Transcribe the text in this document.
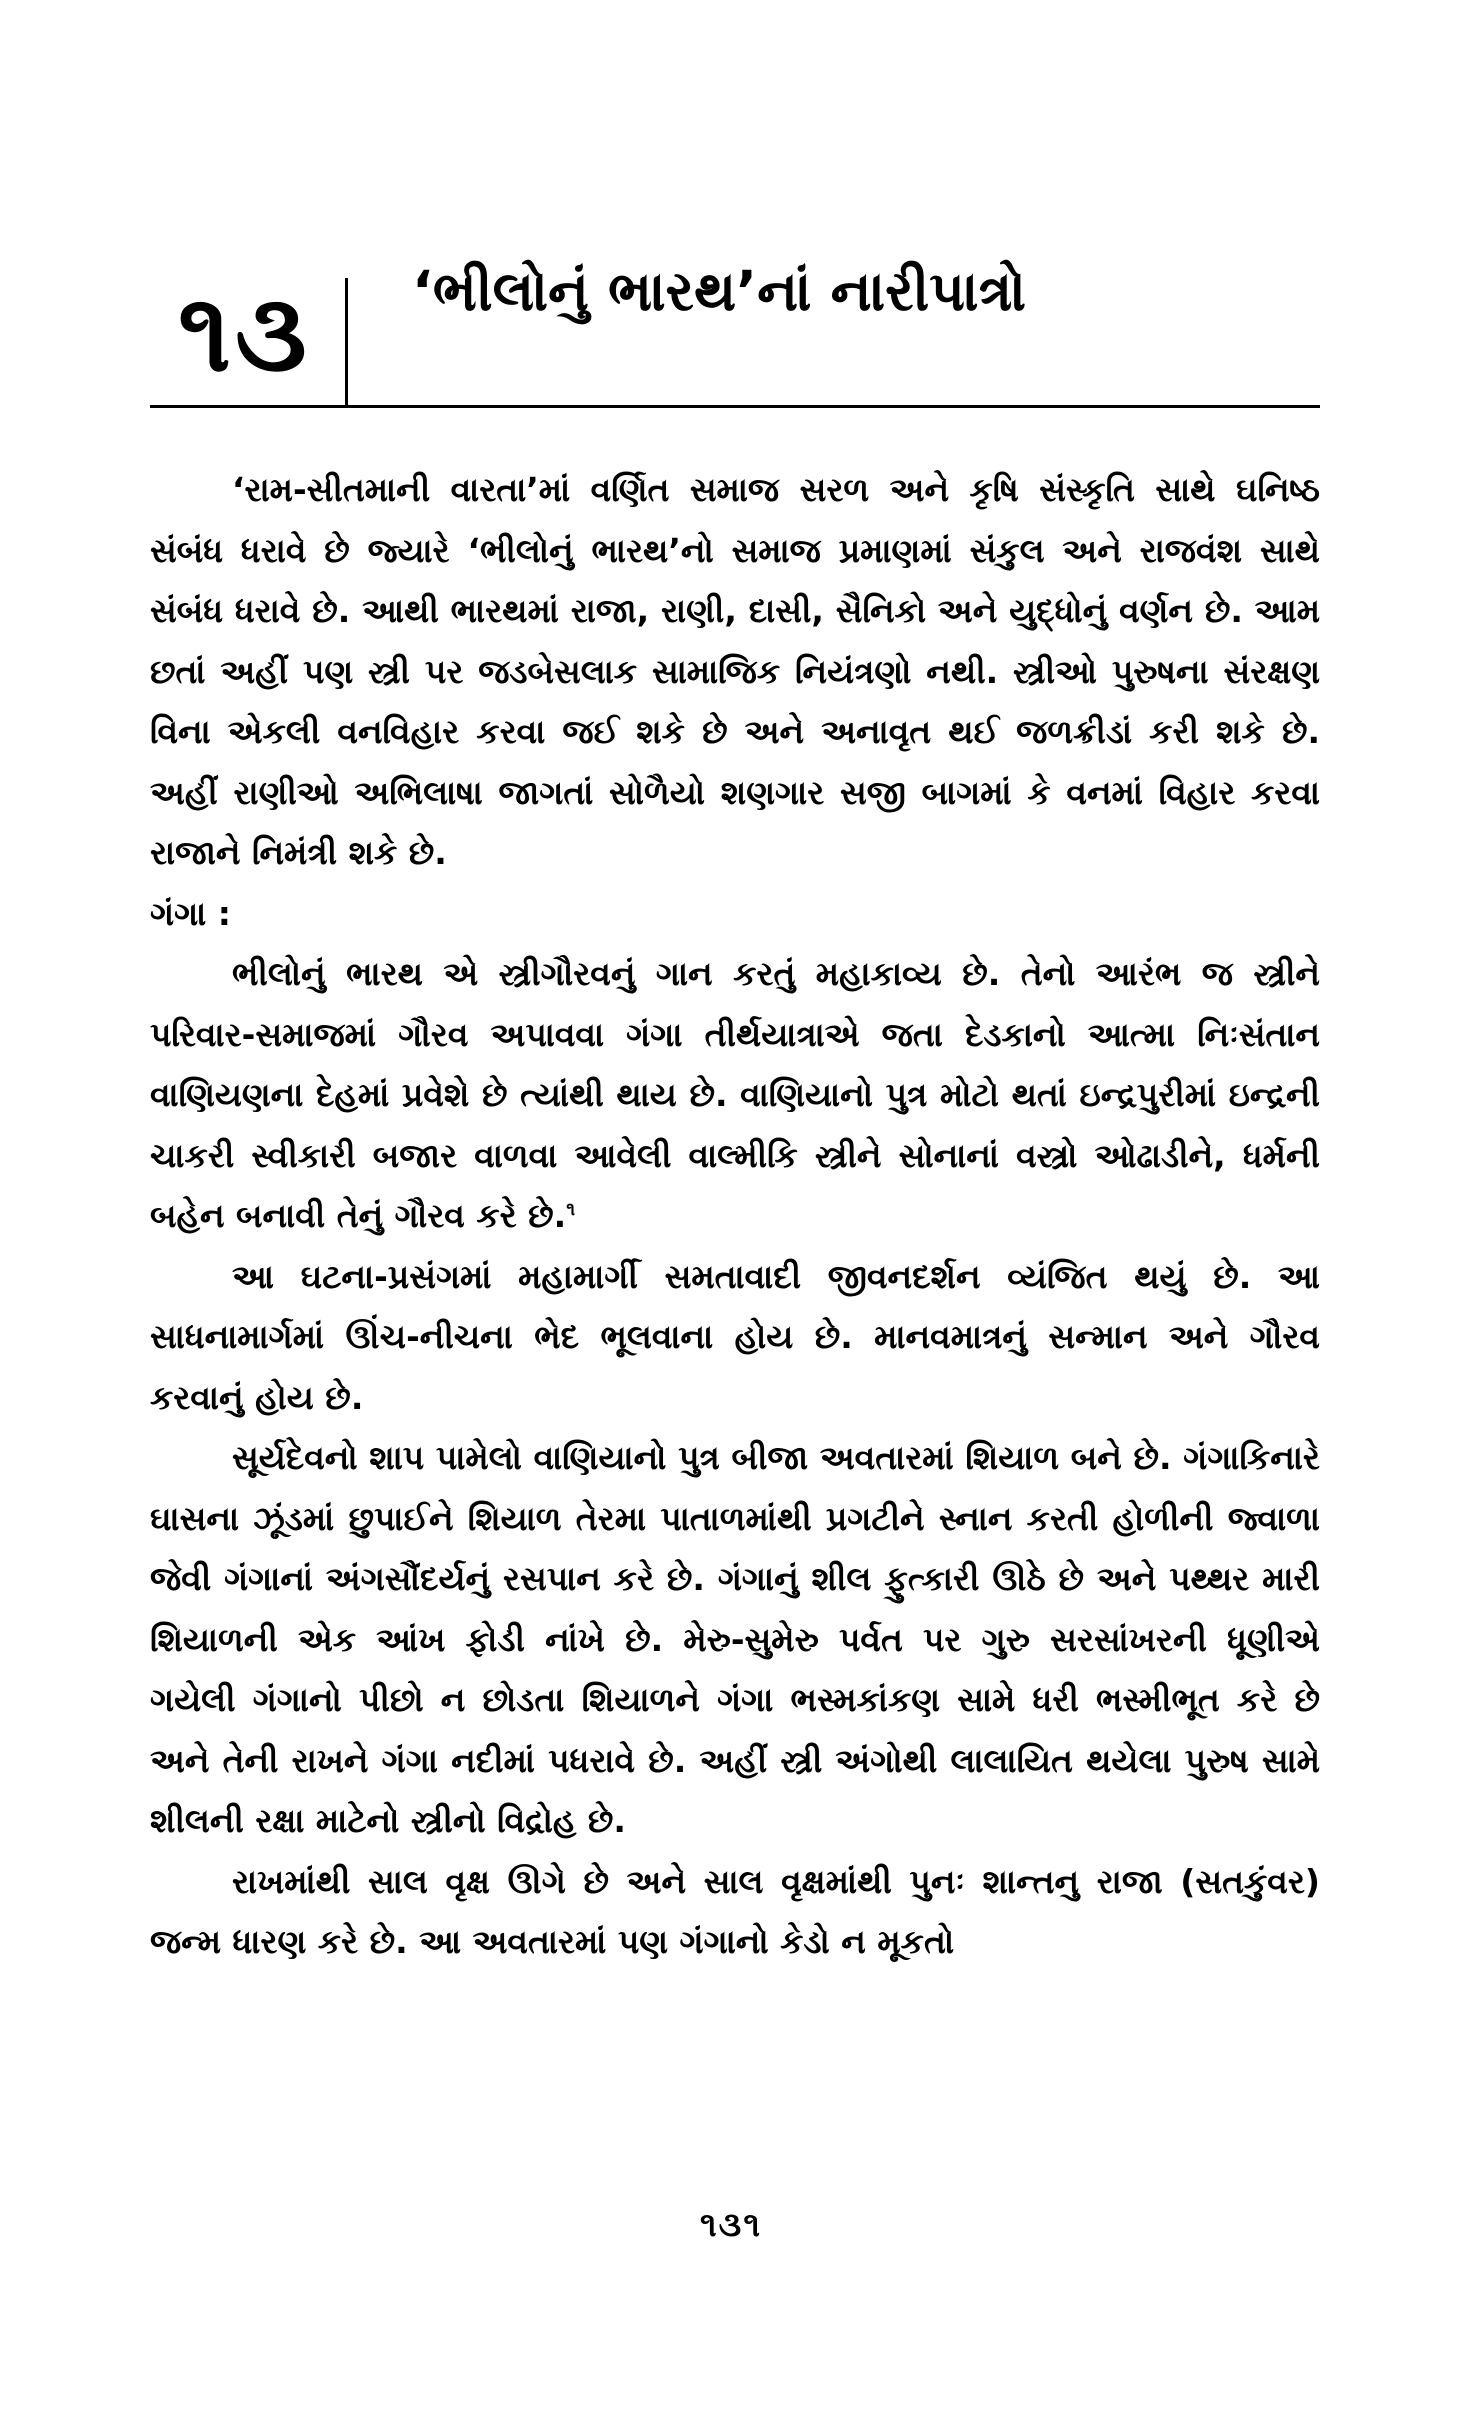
૧૩ ‘ભીલોનું ભારથ’નાં નારીપાત્રો

‘રામ-સીતમાની વારતા’માં વર્ણિત સમાજ સરળ અને કૃષિ સંસ્કૃતિ સાથે ઘનિષ્ઠ સંબંધ ધરાવે છે જ્યારે ‘ભીલોનું ભારથ’નો સમાજ પ્રમાણમાં સંકુલ અને રાજવંશ સાથે સંબંધ ધરાવે છે. આથી ભારથમાં રાજા, રાણી, દાસી, સૈનિકો અને યુદ્ધોનું વર્ણન છે. આમ છતાં અહીં પણ સ્ત્રી પર જડબેસલાક સામાજિક નિયંત્રણો નથી. સ્ત્રીઓ પુરુષના સંરક્ષણ વિના એકલી વનવિહાર કરવા જઈ શકે છે અને અનાવૃત થઈ જળક્રીડાં કરી શકે છે. અહીં રાણીઓ અભિલાષા જાગતાં સોળૈયો શણગાર સજી બાગમાં કે વનમાં વિહાર કરવા રાજાને નિમંત્રી શકે છે.

ગંગા :

ભીલોનું ભારથ એ સ્ત્રીગૌરવનું ગાન કરતું મહાકાવ્ય છે. તેનો આરંભ જ સ્ત્રીને પરિવાર-સમાજમાં ગૌરવ અપાવવા ગંગા તીર્થયાત્રાએ જતા દેડકાનો આત્મા નિઃસંતાન વાણિયણના દેહમાં પ્રવેશે છે ત્યાંથી થાય છે. વાણિયાનો પુત્ર મોટો થતાં ઇન્દ્રપુરીમાં ઇન્દ્રની ચાકરી સ્વીકારી બજાર વાળવા આવેલી વાલ્મીકિ સ્ત્રીને સોનાનાં વસ્ત્રો ઓઢાડીને, ધર્મની બહેન બનાવી તેનું ગૌરવ કરે છે.$^૧$

આ ઘટના-પ્રસંગમાં મહામાર્ગી સમતાવાદી જીવનદર્શન વ્યંજિત થયું છે. આ સાધનામાર્ગમાં ઊંચ-નીચના ભેદ ભૂલવાના હોય છે. માનવમાત્રનું સન્માન અને ગૌરવ કરવાનું હોય છે.

સૂર્યદેવનો શાપ પામેલો વાણિયાનો પુત્ર બીજા અવતારમાં શિયાળ બને છે. ગંગાકિનારે ઘાસના ઝૂંડમાં છુપાઈને શિયાળ તેરમા પાતાળમાંથી પ્રગટીને સ્નાન કરતી હોળીની જ્વાળા જેવી ગંગાનાં અંગસૌંદર્યનું રસપાન કરે છે. ગંગાનું શીલ ફુત્કારી ઊઠે છે અને પથ્થર મારી શિયાળની એક આંખ ફોડી નાંખે છે. મેરુ-સુમેરુ પર્વત પર ગુરુ સરસાંખરની ધૂણીએ ગયેલી ગંગાનો પીછો ન છોડતા શિયાળને ગંગા ભસ્મકાંકણ સામે ધરી ભસ્મીભૂત કરે છે અને તેની રાખને ગંગા નદીમાં પધરાવે છે. અહીં સ્ત્રી અંગોથી લાલાયિત થયેલા પુરુષ સામે શીલની રક્ષા માટેનો સ્ત્રીનો વિદ્રોહ છે.

રાખમાંથી સાલ વૃક્ષ ઊગે છે અને સાલ વૃક્ષમાંથી પુનઃ શાન્તનુ રાજા (સતકુંવર) જન્મ ધારણ કરે છે. આ અવતારમાં પણ ગંગાનો કેડો ન મૂકતો

૧૩૧
